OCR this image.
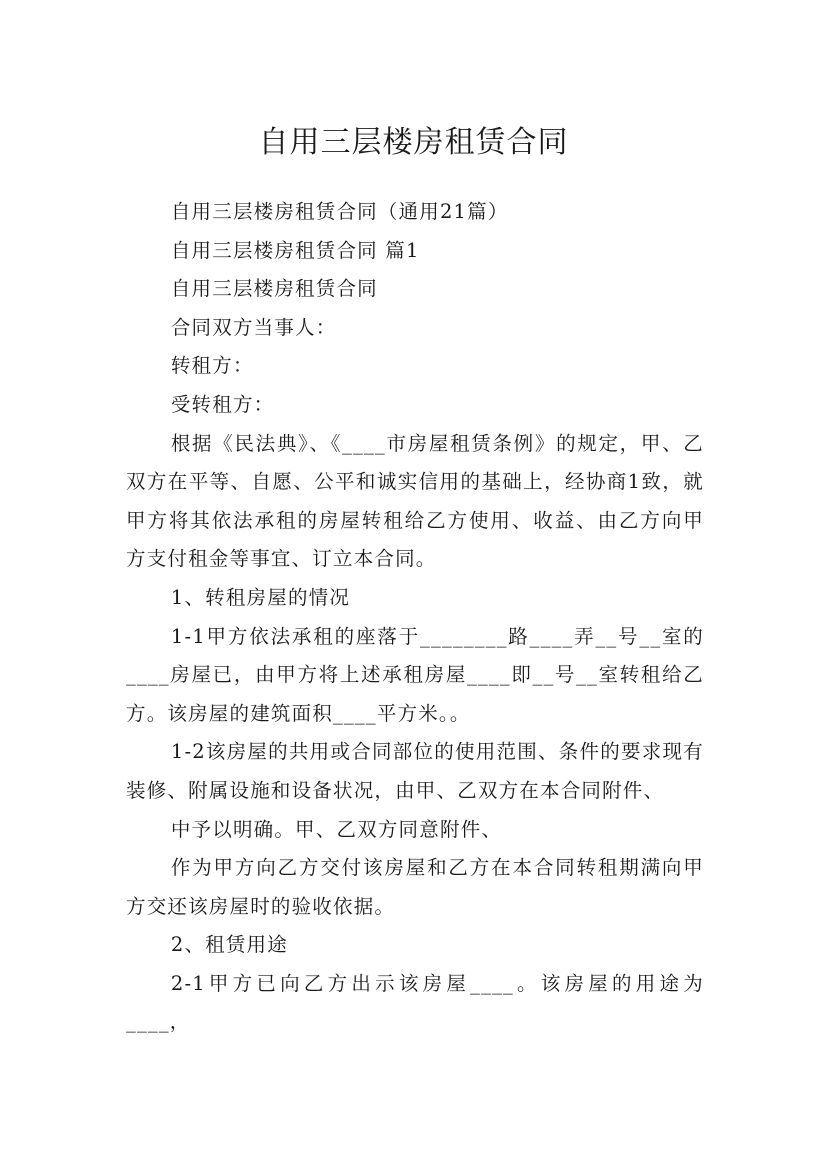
自用三层楼房租赁合同

自用三层楼房租赁合同（通用21篇）

自用三层楼房租赁合同 篇1

自用三层楼房租赁合同

合同双方当事人：

转租方：

受转租方：

根据《民法典》、《____市房屋租赁条例》的规定，甲、乙双方在平等、自愿、公平和诚实信用的基础上，经协商1致，就甲方将其依法承租的房屋转租给乙方使用、收益、由乙方向甲方支付租金等事宜、订立本合同。

1、转租房屋的情况

1-1甲方依法承租的座落于________路____弄__号__室的____房屋已，由甲方将上述承租房屋____即__号__室转租给乙方。该房屋的建筑面积____平方米。。

1-2该房屋的共用或合同部位的使用范围、条件的要求现有装修、附属设施和设备状况，由甲、乙双方在本合同附件、

中予以明确。甲、乙双方同意附件、

作为甲方向乙方交付该房屋和乙方在本合同转租期满向甲方交还该房屋时的验收依据。

2、租赁用途

2-1甲方已向乙方出示该房屋____。该房屋的用途为____，
